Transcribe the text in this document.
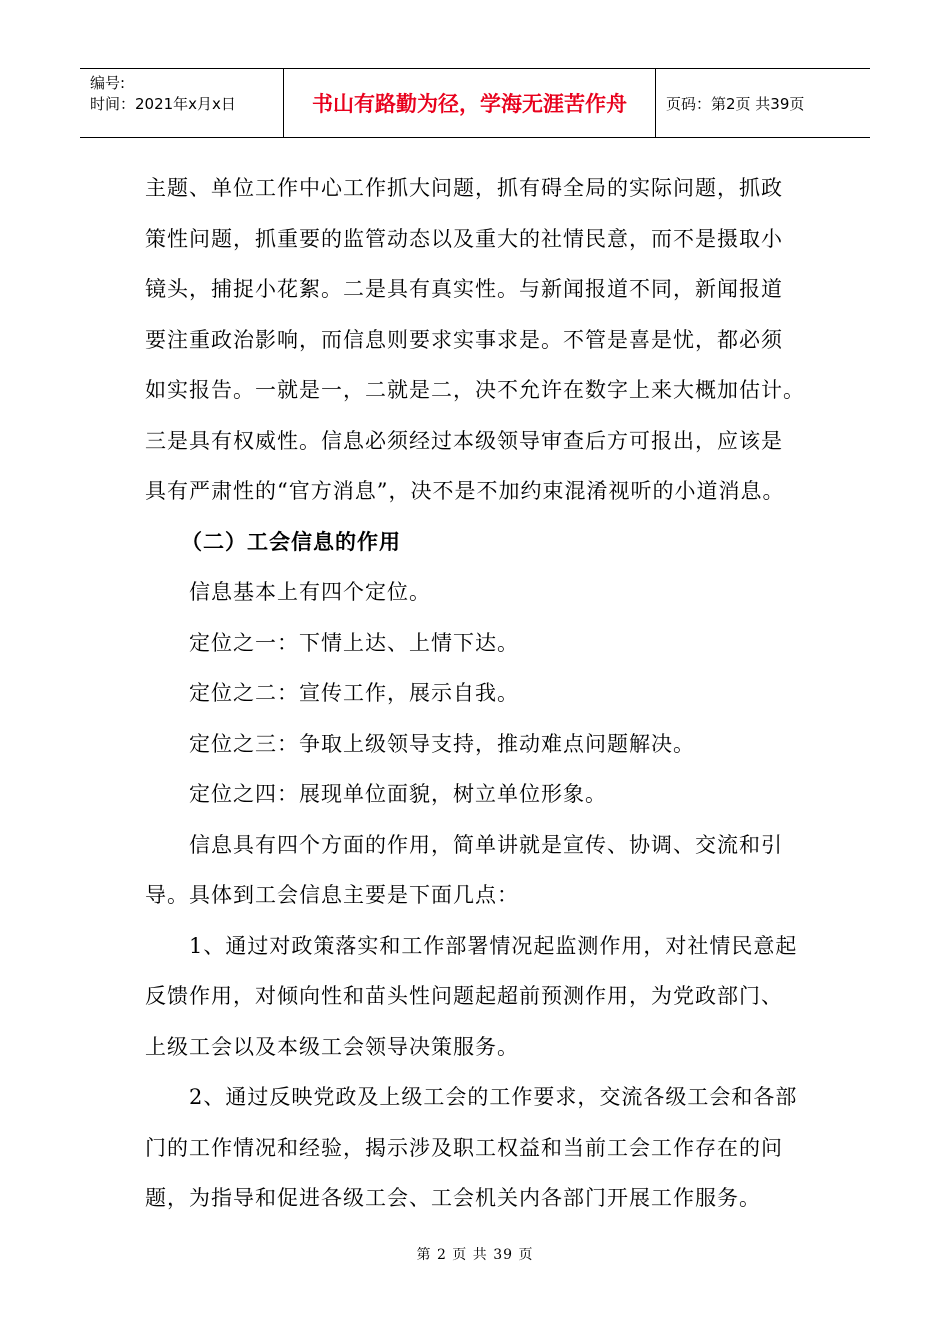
编号:
时间：2021年x月x日	书山有路勤为径，学海无涯苦作舟	页码：第2页 共39页
主题、单位工作中心工作抓大问题，抓有碍全局的实际问题，抓政
策性问题，抓重要的监管动态以及重大的社情民意，而不是摄取小
镜头，捕捉小花絮。二是具有真实性。与新闻报道不同，新闻报道
要注重政治影响，而信息则要求实事求是。不管是喜是忧，都必须
如实报告。一就是一，二就是二，决不允许在数字上来大概加估计。
三是具有权威性。信息必须经过本级领导审查后方可报出，应该是
具有严肃性的“官方消息”，决不是不加约束混淆视听的小道消息。
（二）工会信息的作用
信息基本上有四个定位。
定位之一：下情上达、上情下达。
定位之二：宣传工作，展示自我。
定位之三：争取上级领导支持，推动难点问题解决。
定位之四：展现单位面貌，树立单位形象。
信息具有四个方面的作用，简单讲就是宣传、协调、交流和引
导。具体到工会信息主要是下面几点：
1、通过对政策落实和工作部署情况起监测作用，对社情民意起
反馈作用，对倾向性和苗头性问题起超前预测作用，为党政部门、
上级工会以及本级工会领导决策服务。
2、通过反映党政及上级工会的工作要求，交流各级工会和各部
门的工作情况和经验，揭示涉及职工权益和当前工会工作存在的问
题，为指导和促进各级工会、工会机关内各部门开展工作服务。
第 2 页 共 39 页
